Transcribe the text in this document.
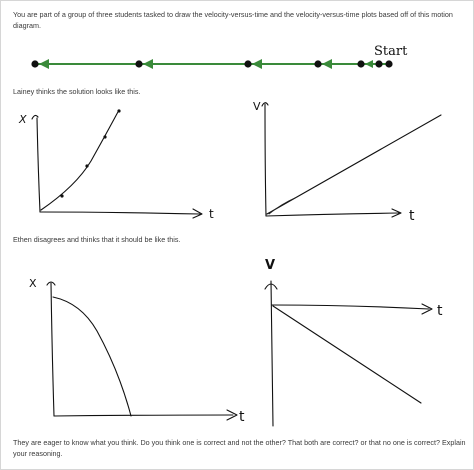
You are part of a group of three students tasked to draw the velocity-versus-time and the velocity-versus-time plots based off of this motion diagram.

Start

Lainey thinks the solution looks like this.

X
t
V
t

Ethen disagrees and thinks that it should be like this.

X
t
V
t

They are eager to know what you think. Do you think one is correct and not the other? That both are correct? or that no one is correct? Explain your reasoning.
